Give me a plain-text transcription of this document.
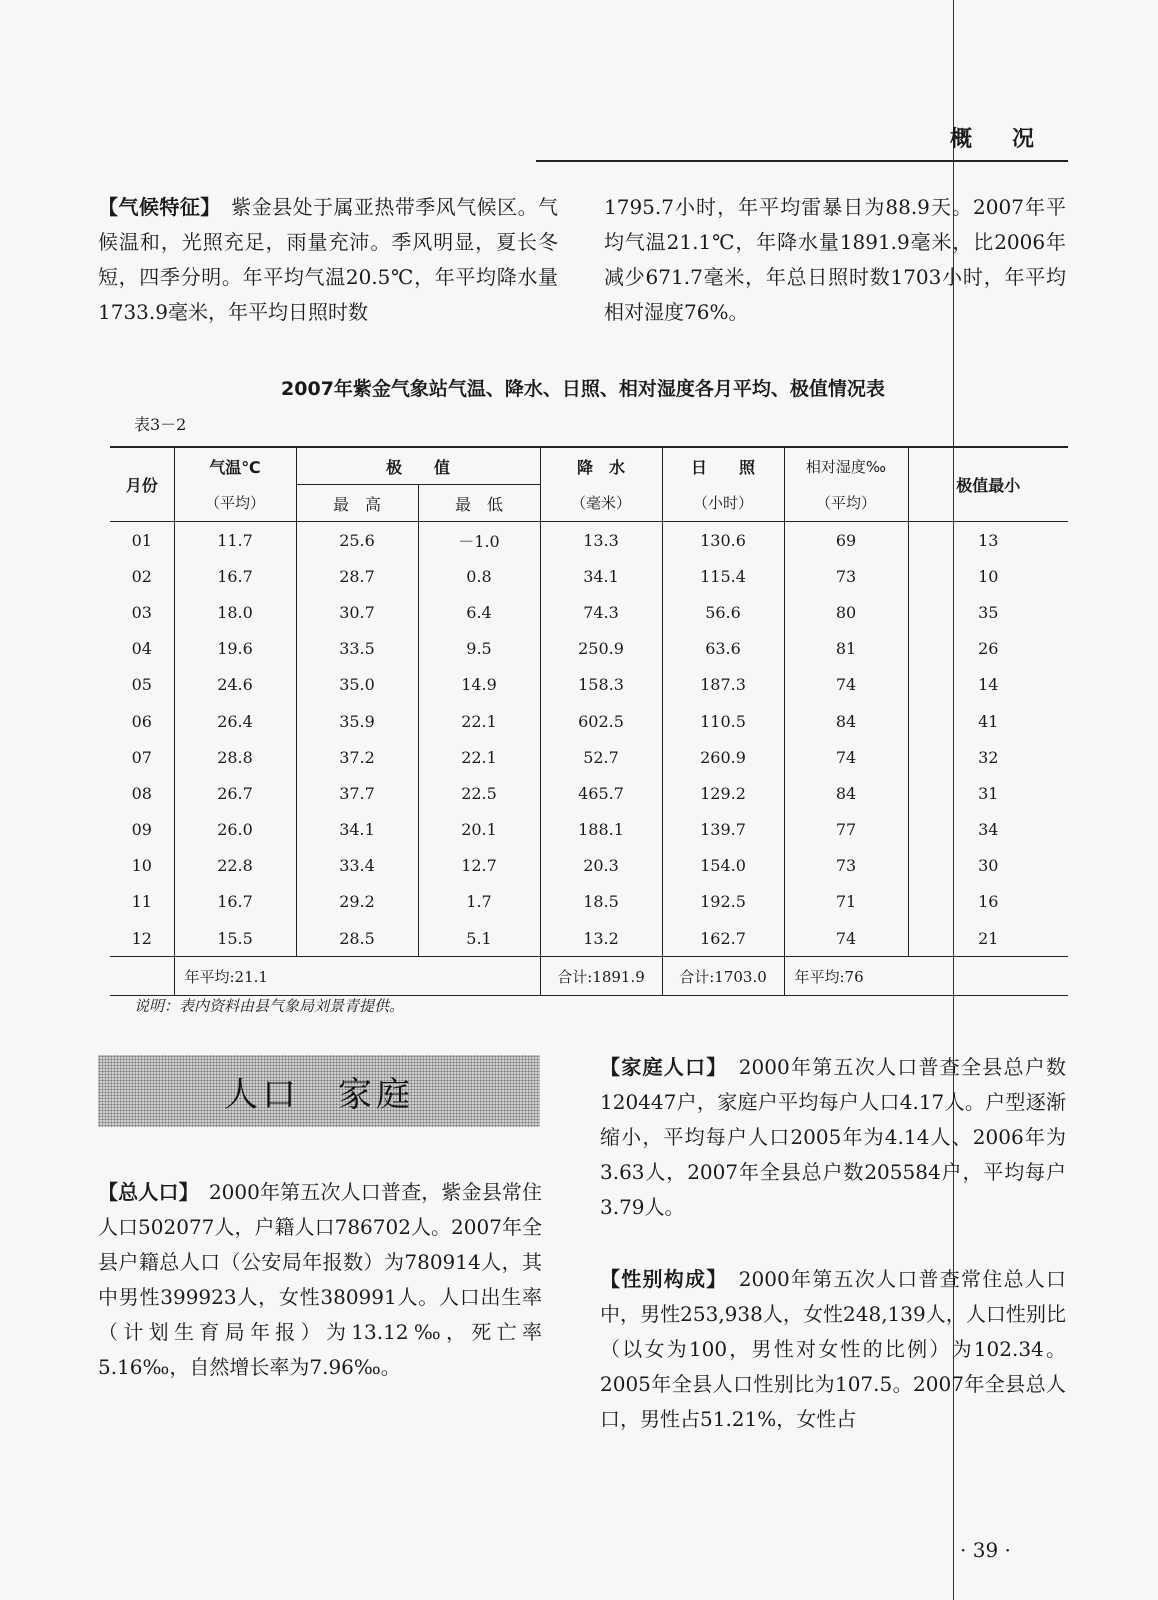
概况

【气候特征】　 紫金县处于属亚热带季风气候区。气候温和，光照充足，雨量充沛。季风明显，夏长冬短，四季分明。年平均气温20.5℃，年平均降水量1733.9毫米，年平均日照时数

1795.7小时，年平均雷暴日为88.9天。2007年平均气温21.1℃，年降水量1891.9毫米，比2006年减少671.7毫米，年总日照时数1703小时，年平均相对湿度76%。

2007年紫金气象站气温、降水、日照、相对湿度各月平均、极值情况表
表3－2
月份	气温℃	极　　值		降　水	日　　照	相对湿度‰	极值最小
	（平均）	最　高	最　低	（毫米）	（小时）	（平均）	
01	11.7	25.6	－1.0	13.3	130.6	69	13
02	16.7	28.7	0.8	34.1	115.4	73	10
03	18.0	30.7	6.4	74.3	56.6	80	35
04	19.6	33.5	9.5	250.9	63.6	81	26
05	24.6	35.0	14.9	158.3	187.3	74	14
06	26.4	35.9	22.1	602.5	110.5	84	41
07	28.8	37.2	22.1	52.7	260.9	74	32
08	26.7	37.7	22.5	465.7	129.2	84	31
09	26.0	34.1	20.1	188.1	139.7	77	34
10	22.8	33.4	12.7	20.3	154.0	73	30
11	16.7	29.2	1.7	18.5	192.5	71	16
12	15.5	28.5	5.1	13.2	162.7	74	21
	年平均:21.1			合计:1891.9	合计:1703.0	年平均:76	
说明：表内资料由县气象局刘景青提供。
人口　家庭

【总人口】　 2000年第五次人口普查，紫金县常住人口502077人，户籍人口786702人。2007年全县户籍总人口（公安局年报数）为780914人，其中男性399923人，女性380991人。人口出生率（计划生育局年报）为13.12‰，死亡率5.16‰，自然增长率为7.96‰。

【家庭人口】　 2000年第五次人口普查全县总户数120447户，家庭户平均每户人口4.17人。户型逐渐缩小，平均每户人口2005年为4.14人、2006年为3.63人，2007年全县总户数205584户，平均每户3.79人。

【性别构成】　 2000年第五次人口普查常住总人口中，男性253,938人，女性248,139人，人口性别比（以女为100，男性对女性的比例）为102.34。2005年全县人口性别比为107.5。2007年全县总人口，男性占51.21%，女性占

· 39 ·
